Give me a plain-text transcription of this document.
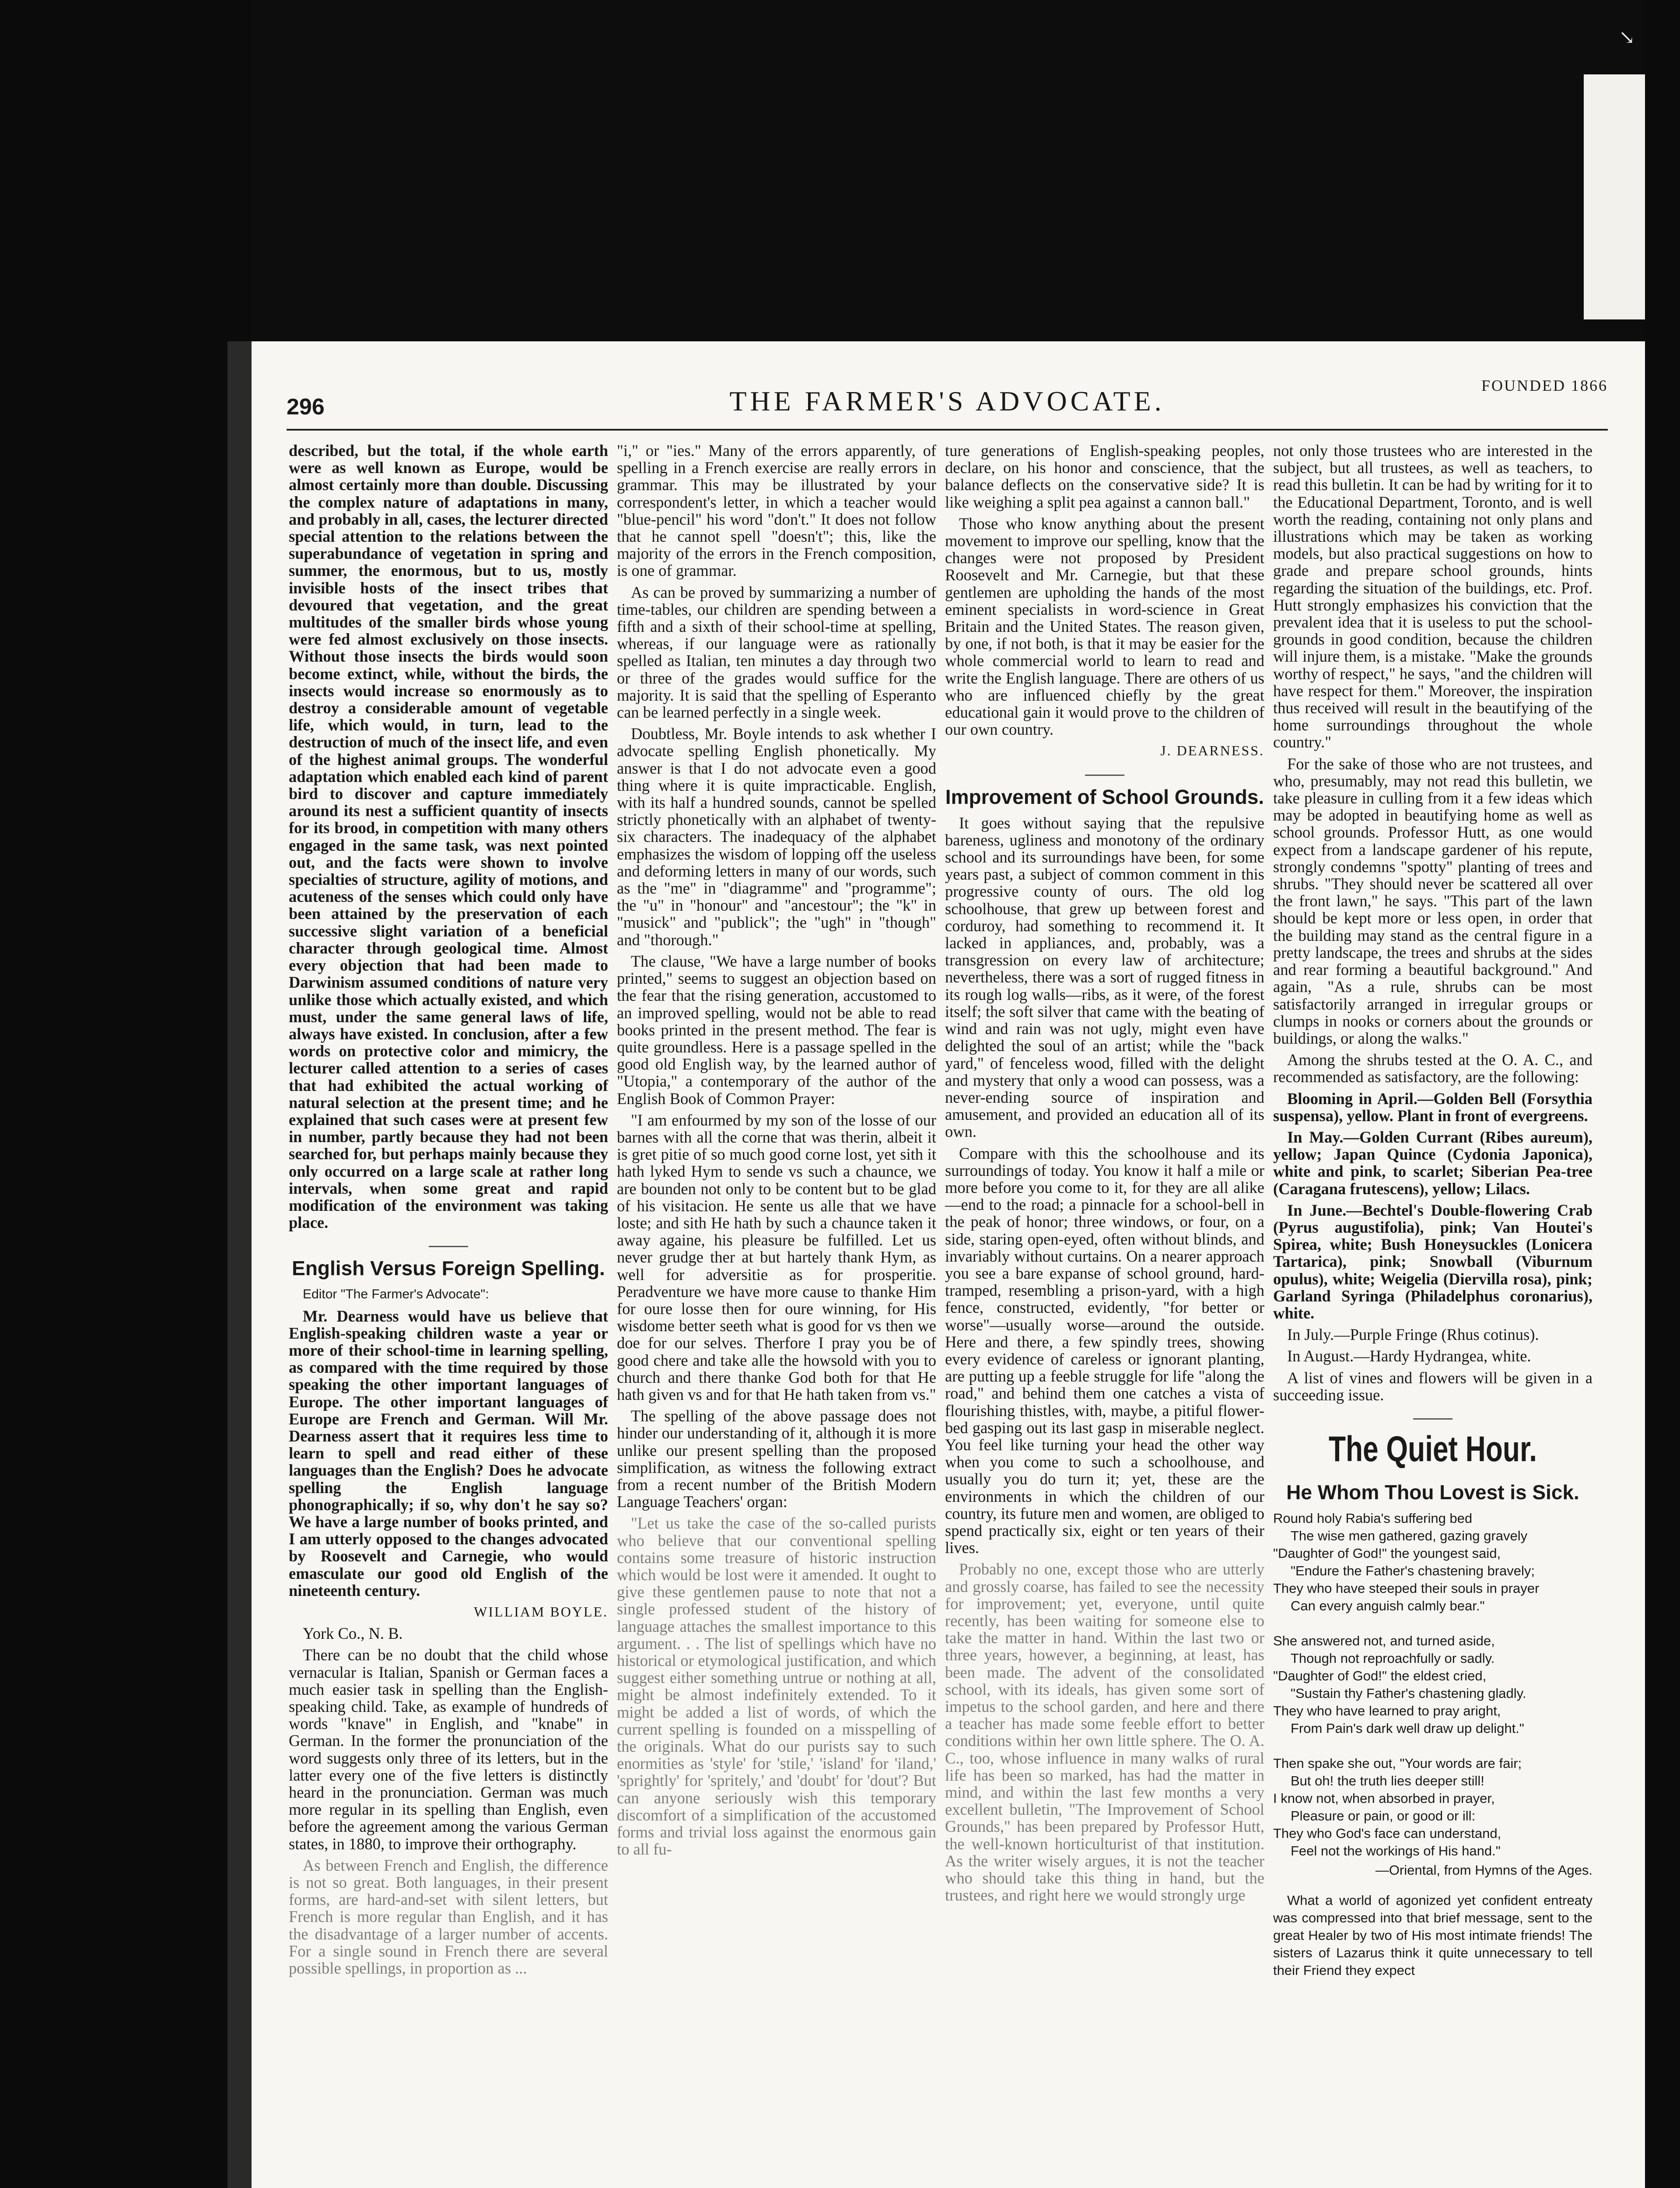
↘
296	THE FARMER'S ADVOCATE.	FOUNDED 1866

described, but the total, if the whole earth were as well known as Europe, would be almost certainly more than double. Discussing the complex nature of adaptations in many, and probably in all, cases, the lecturer directed special attention to the relations between the superabundance of vegetation in spring and summer, the enormous, but to us, mostly invisible hosts of the insect tribes that devoured that vegetation, and the great multitudes of the smaller birds whose young were fed almost exclusively on those insects. Without those insects the birds would soon become extinct, while, without the birds, the insects would increase so enormously as to destroy a considerable amount of vegetable life, which would, in turn, lead to the destruction of much of the insect life, and even of the highest animal groups. The wonderful adaptation which enabled each kind of parent bird to discover and capture immediately around its nest a sufficient quantity of insects for its brood, in competition with many others engaged in the same task, was next pointed out, and the facts were shown to involve specialties of structure, agility of motions, and acuteness of the senses which could only have been attained by the preservation of each successive slight variation of a beneficial character through geological time. Almost every objection that had been made to Darwinism assumed conditions of nature very unlike those which actually existed, and which must, under the same general laws of life, always have existed. In conclusion, after a few words on protective color and mimicry, the lecturer called attention to a series of cases that had exhibited the actual working of natural selection at the present time; and he explained that such cases were at present few in number, partly because they had not been searched for, but perhaps mainly because they only occurred on a large scale at rather long intervals, when some great and rapid modification of the environment was taking place.

English Versus Foreign Spelling.

Editor "The Farmer's Advocate":

Mr. Dearness would have us believe that English-speaking children waste a year or more of their school-time in learning spelling, as compared with the time required by those speaking the other important languages of Europe. The other important languages of Europe are French and German. Will Mr. Dearness assert that it requires less time to learn to spell and read either of these languages than the English? Does he advocate spelling the English language phonographically; if so, why don't he say so? We have a large number of books printed, and I am utterly opposed to the changes advocated by Roosevelt and Carnegie, who would emasculate our good old English of the nineteenth century.

WILLIAM BOYLE.

York Co., N. B.

There can be no doubt that the child whose vernacular is Italian, Spanish or German faces a much easier task in spelling than the English-speaking child. Take, as example of hundreds of words "knave" in English, and "knabe" in German. In the former the pronunciation of the word suggests only three of its letters, but in the latter every one of the five letters is distinctly heard in the pronunciation. German was much more regular in its spelling than English, even before the agreement among the various German states, in 1880, to improve their orthography.

As between French and English, the difference is not so great. Both languages, in their present forms, are hard-and-set with silent letters, but French is more regular than English, and it has the disadvantage of a larger number of accents. For a single sound in French there are several possible spellings, in proportion as ...

"i," or "ies." Many of the errors apparently, of spelling in a French exercise are really errors in grammar. This may be illustrated by your correspondent's letter, in which a teacher would "blue-pencil" his word "don't." It does not follow that he cannot spell "doesn't"; this, like the majority of the errors in the French composition, is one of grammar.

As can be proved by summarizing a number of time-tables, our children are spending between a fifth and a sixth of their school-time at spelling, whereas, if our language were as rationally spelled as Italian, ten minutes a day through two or three of the grades would suffice for the majority. It is said that the spelling of Esperanto can be learned perfectly in a single week.

Doubtless, Mr. Boyle intends to ask whether I advocate spelling English phonetically. My answer is that I do not advocate even a good thing where it is quite impracticable. English, with its half a hundred sounds, cannot be spelled strictly phonetically with an alphabet of twenty-six characters. The inadequacy of the alphabet emphasizes the wisdom of lopping off the useless and deforming letters in many of our words, such as the "me" in "diagramme" and "programme"; the "u" in "honour" and "ancestour"; the "k" in "musick" and "publick"; the "ugh" in "though" and "thorough."

The clause, "We have a large number of books printed," seems to suggest an objection based on the fear that the rising generation, accustomed to an improved spelling, would not be able to read books printed in the present method. The fear is quite groundless. Here is a passage spelled in the good old English way, by the learned author of "Utopia," a contemporary of the author of the English Book of Common Prayer:

"I am enfourmed by my son of the losse of our barnes with all the corne that was therin, albeit it is gret pitie of so much good corne lost, yet sith it hath lyked Hym to sende vs such a chaunce, we are bounden not only to be content but to be glad of his visitacion. He sente us alle that we have loste; and sith He hath by such a chaunce taken it away againe, his pleasure be fulfilled. Let us never grudge ther at but hartely thank Hym, as well for adversitie as for prosperitie. Peradventure we have more cause to thanke Him for oure losse then for oure winning, for His wisdome better seeth what is good for vs then we doe for our selves. Therfore I pray you be of good chere and take alle the howsold with you to church and there thanke God both for that He hath given vs and for that He hath taken from vs."

The spelling of the above passage does not hinder our understanding of it, although it is more unlike our present spelling than the proposed simplification, as witness the following extract from a recent number of the British Modern Language Teachers' organ:

"Let us take the case of the so-called purists who believe that our conventional spelling contains some treasure of historic instruction which would be lost were it amended. It ought to give these gentlemen pause to note that not a single professed student of the history of language attaches the smallest importance to this argument. . . The list of spellings which have no historical or etymological justification, and which suggest either something untrue or nothing at all, might be almost indefinitely extended. To it might be added a list of words, of which the current spelling is founded on a misspelling of the originals. What do our purists say to such enormities as 'style' for 'stile,' 'island' for 'iland,' 'sprightly' for 'spritely,' and 'doubt' for 'dout'? But can anyone seriously wish this temporary discomfort of a simplification of the accustomed forms and trivial loss against the enormous gain to all fu-

ture generations of English-speaking peoples, declare, on his honor and conscience, that the balance deflects on the conservative side? It is like weighing a split pea against a cannon ball."

Those who know anything about the present movement to improve our spelling, know that the changes were not proposed by President Roosevelt and Mr. Carnegie, but that these gentlemen are upholding the hands of the most eminent specialists in word-science in Great Britain and the United States. The reason given, by one, if not both, is that it may be easier for the whole commercial world to learn to read and write the English language. There are others of us who are influenced chiefly by the great educational gain it would prove to the children of our own country.

J. DEARNESS.

Improvement of School Grounds.

It goes without saying that the repulsive bareness, ugliness and monotony of the ordinary school and its surroundings have been, for some years past, a subject of common comment in this progressive county of ours. The old log schoolhouse, that grew up between forest and corduroy, had something to recommend it. It lacked in appliances, and, probably, was a transgression on every law of architecture; nevertheless, there was a sort of rugged fitness in its rough log walls—ribs, as it were, of the forest itself; the soft silver that came with the beating of wind and rain was not ugly, might even have delighted the soul of an artist; while the "back yard," of fenceless wood, filled with the delight and mystery that only a wood can possess, was a never-ending source of inspiration and amusement, and provided an education all of its own.

Compare with this the schoolhouse and its surroundings of today. You know it half a mile or more before you come to it, for they are all alike—end to the road; a pinnacle for a school-bell in the peak of honor; three windows, or four, on a side, staring open-eyed, often without blinds, and invariably without curtains. On a nearer approach you see a bare expanse of school ground, hard-tramped, resembling a prison-yard, with a high fence, constructed, evidently, "for better or worse"—usually worse—around the outside. Here and there, a few spindly trees, showing every evidence of careless or ignorant planting, are putting up a feeble struggle for life "along the road," and behind them one catches a vista of flourishing thistles, with, maybe, a pitiful flower-bed gasping out its last gasp in miserable neglect. You feel like turning your head the other way when you come to such a schoolhouse, and usually you do turn it; yet, these are the environments in which the children of our country, its future men and women, are obliged to spend practically six, eight or ten years of their lives.

Probably no one, except those who are utterly and grossly coarse, has failed to see the necessity for improvement; yet, everyone, until quite recently, has been waiting for someone else to take the matter in hand. Within the last two or three years, however, a beginning, at least, has been made. The advent of the consolidated school, with its ideals, has given some sort of impetus to the school garden, and here and there a teacher has made some feeble effort to better conditions within her own little sphere. The O. A. C., too, whose influence in many walks of rural life has been so marked, has had the matter in mind, and within the last few months a very excellent bulletin, "The Improvement of School Grounds," has been prepared by Professor Hutt, the well-known horticulturist of that institution. As the writer wisely argues, it is not the teacher who should take this thing in hand, but the trustees, and right here we would strongly urge

not only those trustees who are interested in the subject, but all trustees, as well as teachers, to read this bulletin. It can be had by writing for it to the Educational Department, Toronto, and is well worth the reading, containing not only plans and illustrations which may be taken as working models, but also practical suggestions on how to grade and prepare school grounds, hints regarding the situation of the buildings, etc. Prof. Hutt strongly emphasizes his conviction that the prevalent idea that it is useless to put the school-grounds in good condition, because the children will injure them, is a mistake. "Make the grounds worthy of respect," he says, "and the children will have respect for them." Moreover, the inspiration thus received will result in the beautifying of the home surroundings throughout the whole country."

For the sake of those who are not trustees, and who, presumably, may not read this bulletin, we take pleasure in culling from it a few ideas which may be adopted in beautifying home as well as school grounds. Professor Hutt, as one would expect from a landscape gardener of his repute, strongly condemns "spotty" planting of trees and shrubs. "They should never be scattered all over the front lawn," he says. "This part of the lawn should be kept more or less open, in order that the building may stand as the central figure in a pretty landscape, the trees and shrubs at the sides and rear forming a beautiful background." And again, "As a rule, shrubs can be most satisfactorily arranged in irregular groups or clumps in nooks or corners about the grounds or buildings, or along the walks."

Among the shrubs tested at the O. A. C., and recommended as satisfactory, are the following:

Blooming in April.—Golden Bell (Forsythia suspensa), yellow. Plant in front of evergreens.

In May.—Golden Currant (Ribes aureum), yellow; Japan Quince (Cydonia Japonica), white and pink, to scarlet; Siberian Pea-tree (Caragana frutescens), yellow; Lilacs.

In June.—Bechtel's Double-flowering Crab (Pyrus augustifolia), pink; Van Houtei's Spirea, white; Bush Honeysuckles (Lonicera Tartarica), pink; Snowball (Viburnum opulus), white; Weigelia (Diervilla rosa), pink; Garland Syringa (Philadelphus coronarius), white.

In July.—Purple Fringe (Rhus cotinus).

In August.—Hardy Hydrangea, white.

A list of vines and flowers will be given in a succeeding issue.

The Quiet Hour.
He Whom Thou Lovest is Sick.
Round holy Rabia's suffering bed
The wise men gathered, gazing gravely
"Daughter of God!" the youngest said,
"Endure the Father's chastening bravely;
They who have steeped their souls in prayer
Can every anguish calmly bear."

She answered not, and turned aside,
Though not reproachfully or sadly.
"Daughter of God!" the eldest cried,
"Sustain thy Father's chastening gladly.
They who have learned to pray aright,
From Pain's dark well draw up delight."

Then spake she out, "Your words are fair;
But oh! the truth lies deeper still!
I know not, when absorbed in prayer,
Pleasure or pain, or good or ill:
They who God's face can understand,
Feel not the workings of His hand."
—Oriental, from Hymns of the Ages.

What a world of agonized yet confident entreaty was compressed into that brief message, sent to the great Healer by two of His most intimate friends! The sisters of Lazarus think it quite unnecessary to tell their Friend they expect
